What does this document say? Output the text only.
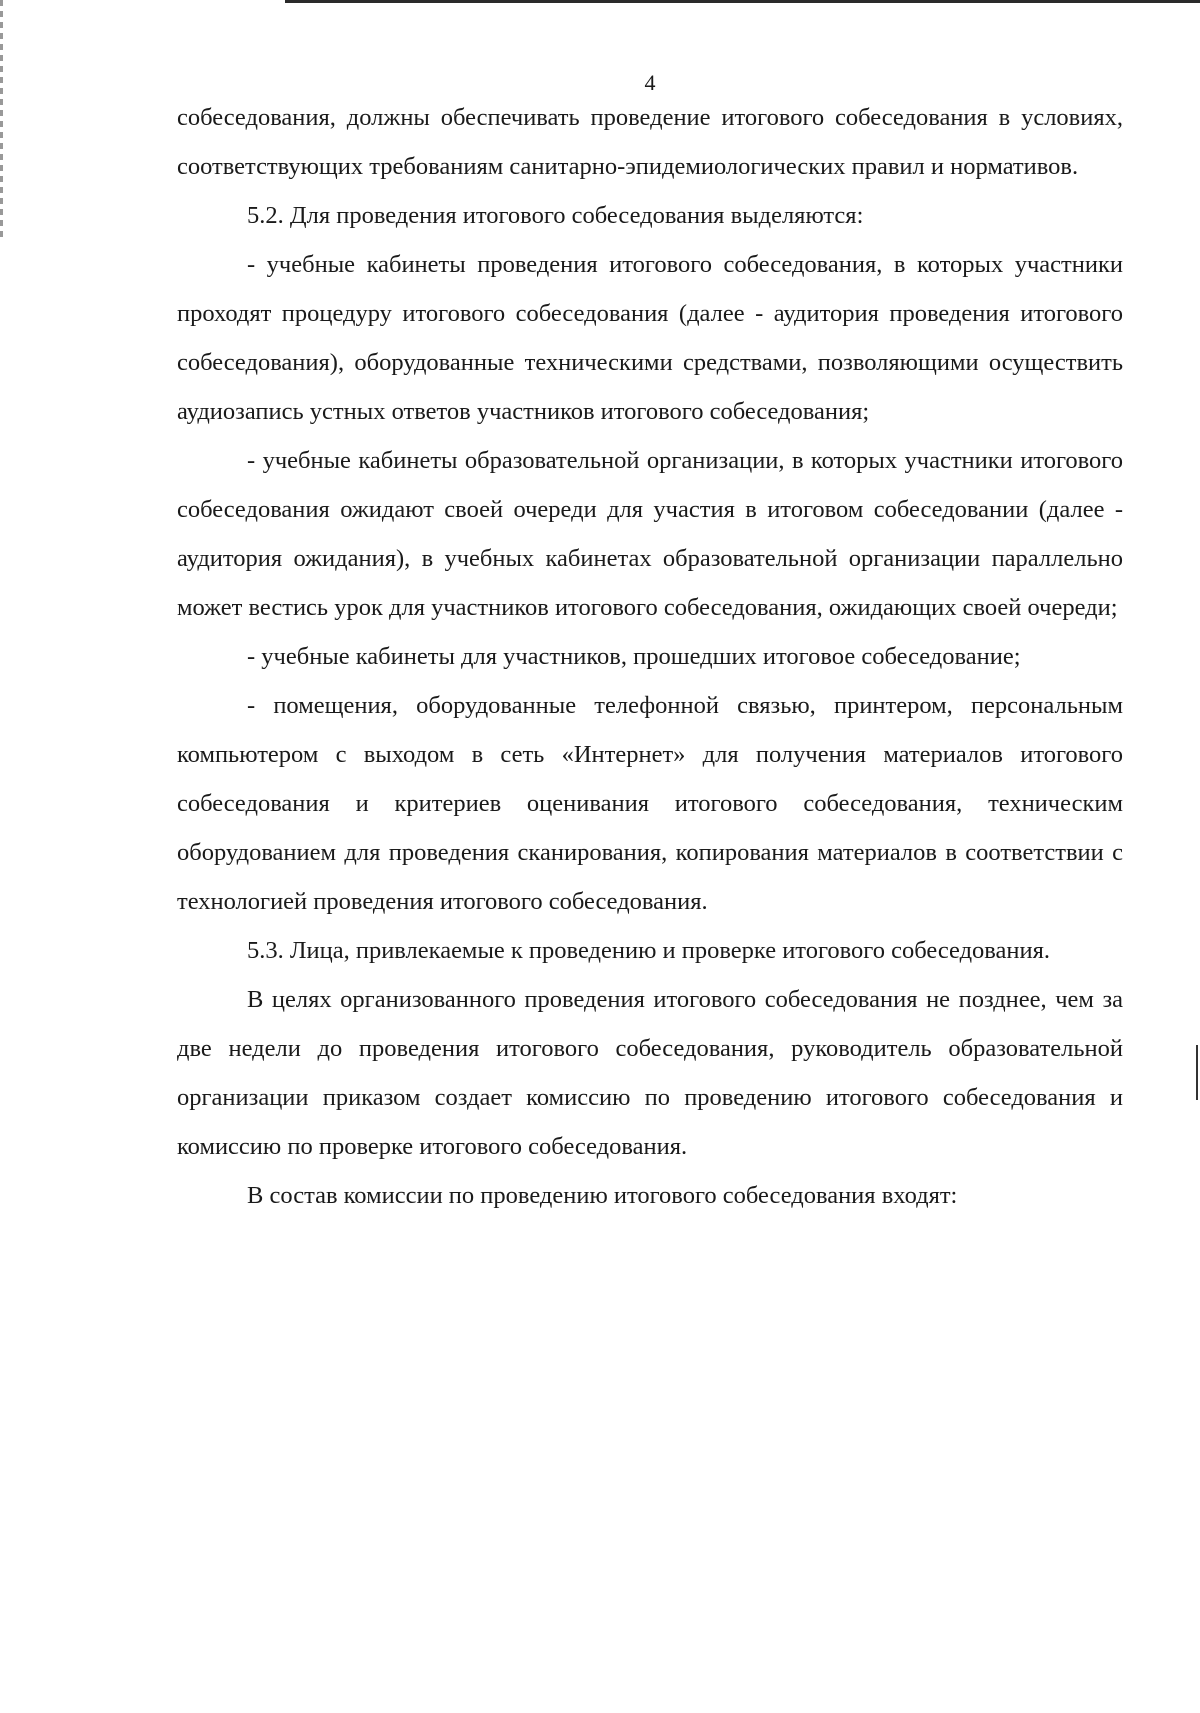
4

собеседования, должны обеспечивать проведение итогового собеседования в условиях, соответствующих требованиям санитарно-эпидемиологических правил и нормативов.

5.2. Для проведения итогового собеседования выделяются:

- учебные кабинеты проведения итогового собеседования, в которых участники проходят процедуру итогового собеседования (далее - аудитория проведения итогового собеседования), оборудованные техническими средствами, позволяющими осуществить аудиозапись устных ответов участников итогового собеседования;

- учебные кабинеты образовательной организации, в которых участники итогового собеседования ожидают своей очереди для участия в итоговом собеседовании (далее - аудитория ожидания), в учебных кабинетах образовательной организации параллельно может вестись урок для участников итогового собеседования, ожидающих своей очереди;

- учебные кабинеты для участников, прошедших итоговое собеседование;

- помещения, оборудованные телефонной связью, принтером, персональным компьютером с выходом в сеть «Интернет» для получения материалов итогового собеседования и критериев оценивания итогового собеседования, техническим оборудованием для проведения сканирования, копирования материалов в соответствии с технологией проведения итогового собеседования.

5.3. Лица, привлекаемые к проведению и проверке итогового собеседования.

В целях организованного проведения итогового собеседования не позднее, чем за две недели до проведения итогового собеседования, руководитель образовательной организации приказом создает комиссию по проведению итогового собеседования и комиссию по проверке итогового собеседования.

В состав комиссии по проведению итогового собеседования входят:
